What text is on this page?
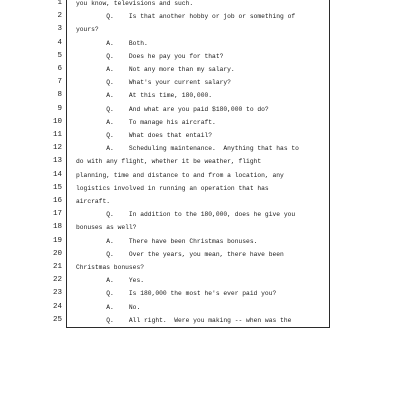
1 you know, televisions and such.
2 Q.    Is that another hobby or job or something of
3 yours?
4 A.    Both.
5 Q.    Does he pay you for that?
6 A.    Not any more than my salary.
7 Q.    What's your current salary?
8 A.    At this time, 180,000.
9 Q.    And what are you paid $180,000 to do?
10 A.    To manage his aircraft.
11 Q.    What does that entail?
12 A.    Scheduling maintenance.  Anything that has to
13 do with any flight, whether it be weather, flight
14 planning, time and distance to and from a location, any
15 logistics involved in running an operation that has
16 aircraft.
17 Q.    In addition to the 180,000, does he give you
18 bonuses as well?
19 A.    There have been Christmas bonuses.
20 Q.    Over the years, you mean, there have been
21 Christmas bonuses?
22 A.    Yes.
23 Q.    Is 180,000 the most he's ever paid you?
24 A.    No.
25 Q.    All right.  Were you making -- when was the
